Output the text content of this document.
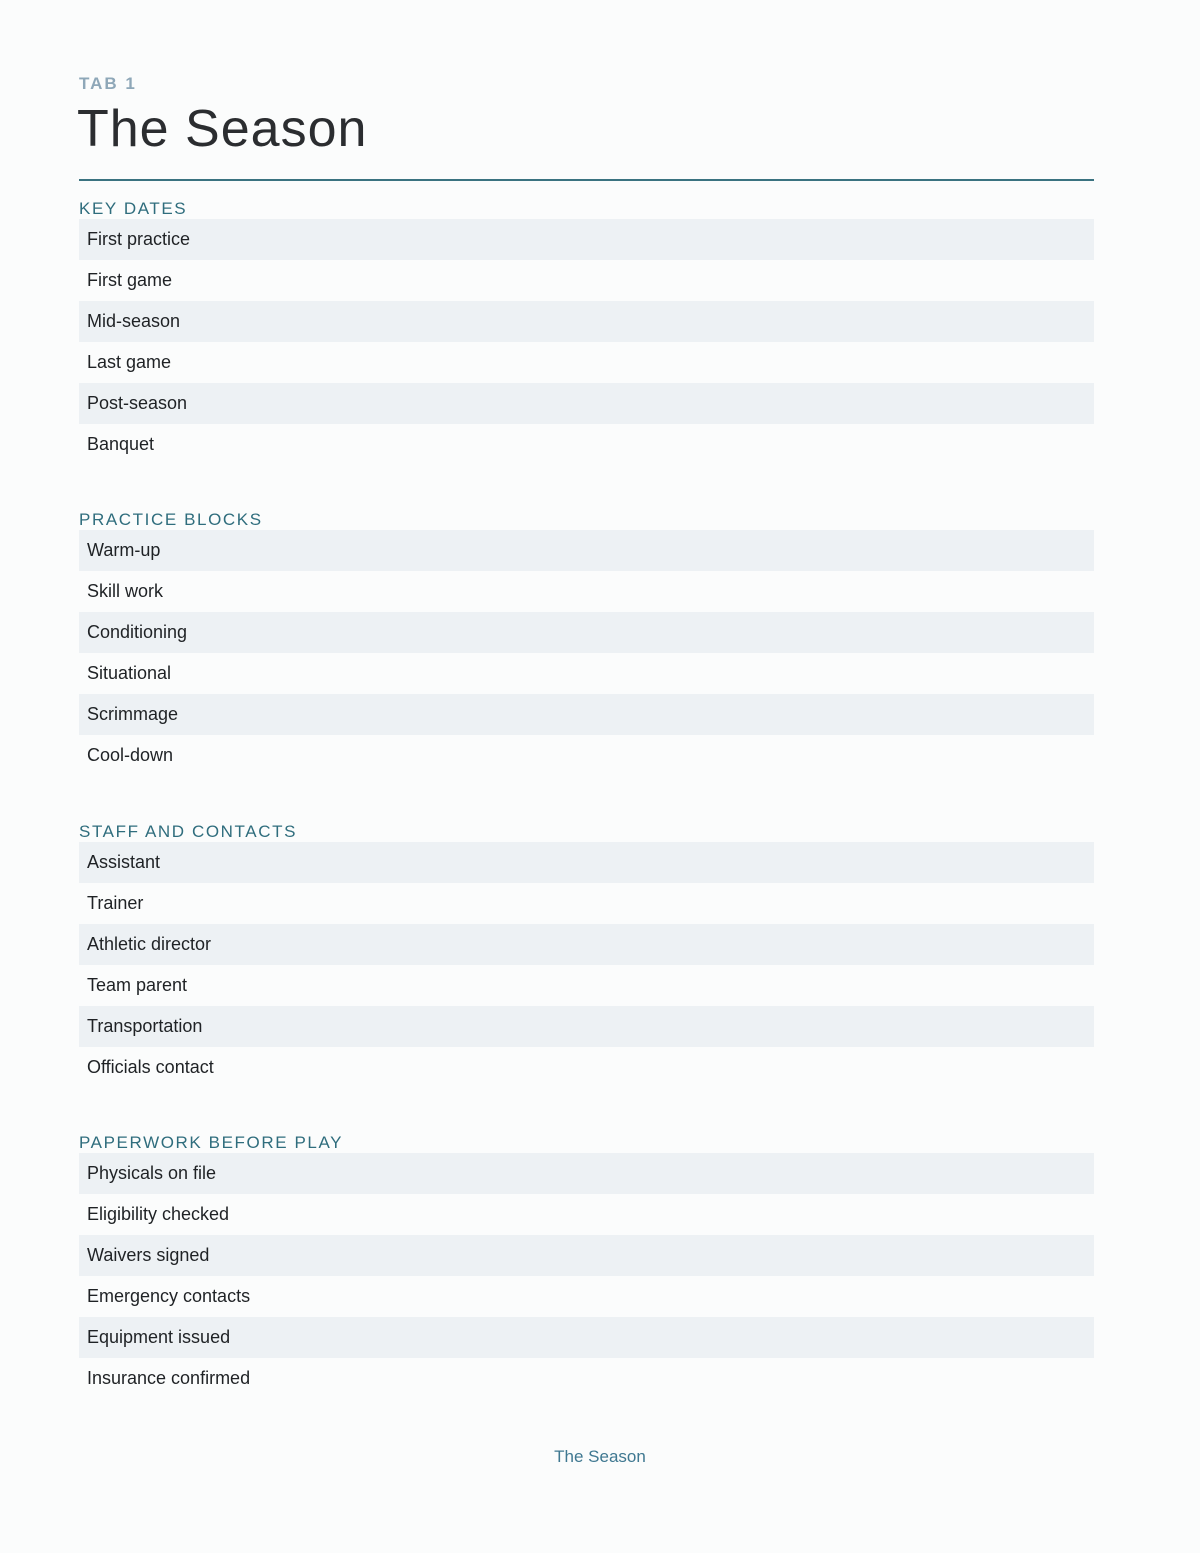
TAB 1
The Season
KEY DATES
First practice
First game
Mid-season
Last game
Post-season
Banquet
PRACTICE BLOCKS
Warm-up
Skill work
Conditioning
Situational
Scrimmage
Cool-down
STAFF AND CONTACTS
Assistant
Trainer
Athletic director
Team parent
Transportation
Officials contact
PAPERWORK BEFORE PLAY
Physicals on file
Eligibility checked
Waivers signed
Emergency contacts
Equipment issued
Insurance confirmed
The Season
